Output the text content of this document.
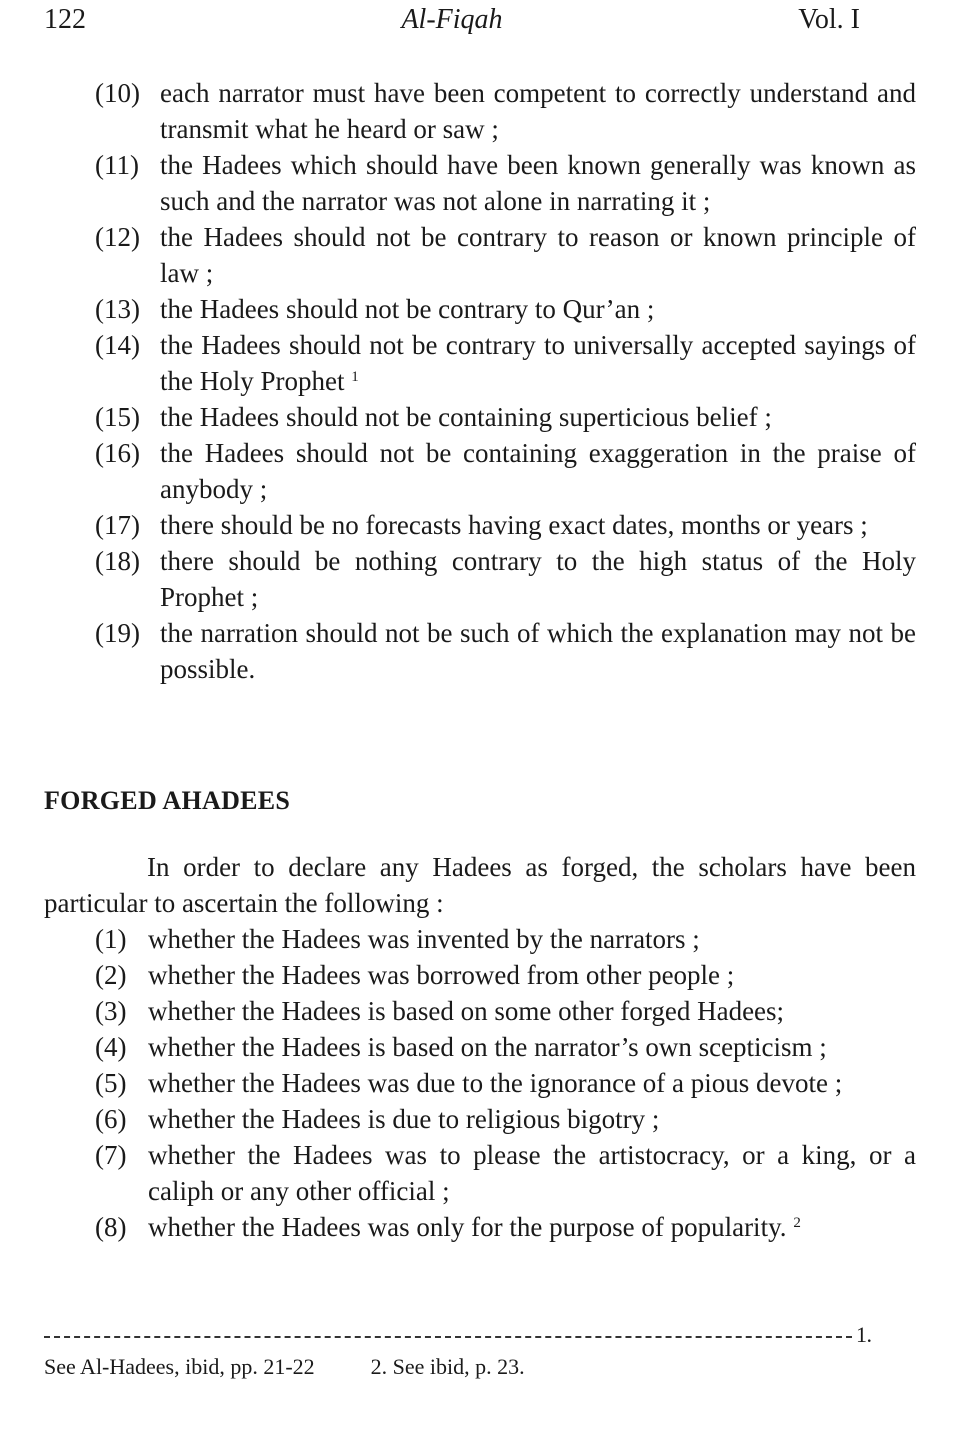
122	Al-Fiqah	Vol. I
(10) each narrator must have been competent to correctly understand and transmit what he heard or saw ;
(11) the Hadees which should have been known generally was known as such and the narrator was not alone in narrating it ;
(12) the Hadees should not be contrary to reason or known principle of law ;
(13) the Hadees should not be contrary to Qur’an ;
(14) the Hadees should not be contrary to universally accepted sayings of the Holy Prophet $^1$
(15) the Hadees should not be containing superticious belief ;
(16) the Hadees should not be containing exaggeration in the praise of anybody ;
(17) there should be no forecasts having exact dates, months or years ;
(18) there should be nothing contrary to the high status of the Holy Prophet ;
(19) the narration should not be such of which the explanation may not be possible.
FORGED AHADEES

In order to declare any Hadees as forged, the scholars have been particular to ascertain the following :

(1) whether the Hadees was invented by the narrators ;
(2) whether the Hadees was borrowed from other people ;
(3) whether the Hadees is based on some other forged Hadees;
(4) whether the Hadees is based on the narrator’s own scepticism ;
(5) whether the Hadees was due to the ignorance of a pious devote ;
(6) whether the Hadees is due to religious bigotry ;
(7) whether the Hadees was to please the artistocracy, or a king, or a caliph or any other official ;
(8) whether the Hadees was only for the purpose of popularity. $^2$
1.
See Al-Hadees, ibid, pp. 21-22	2. See ibid, p. 23.
